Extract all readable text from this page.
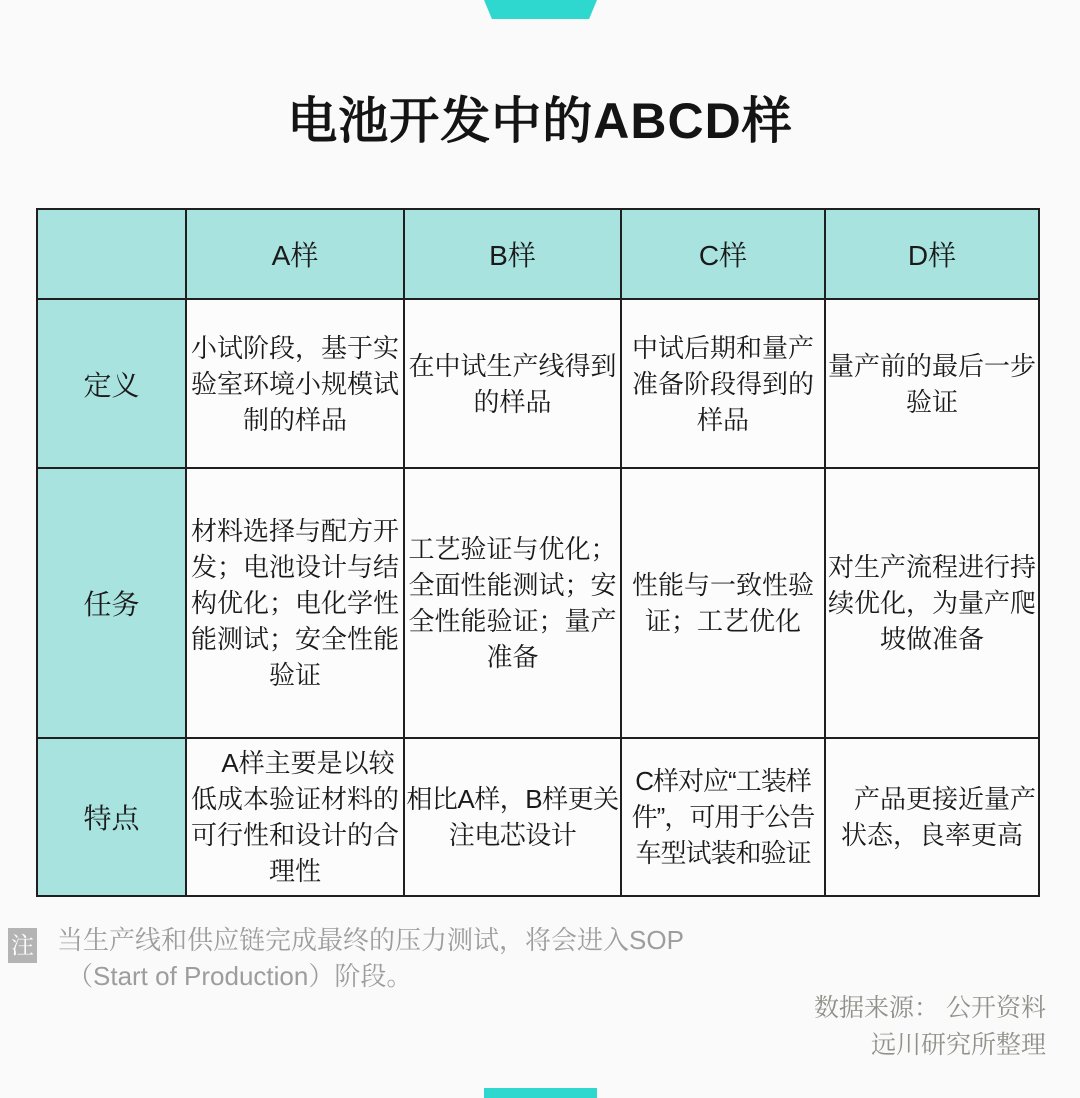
电池开发中的ABCD样
	A样	B样	C样	D样
定义	小试阶段，基于实验室环境小规模试制的样品	在中试生产线得到的样品	中试后期和量产准备阶段得到的样品	量产前的最后一步验证
任务	材料选择与配方开发；电池设计与结构优化；电化学性能测试；安全性能验证	工艺验证与优化；全面性能测试；安全性能验证；量产准备	性能与一致性验证；工艺优化	对生产流程进行持续优化，为量产爬坡做准备
特点	　A样主要是以较低成本验证材料的可行性和设计的合理性	相比A样，B样更关注电芯设计	C样对应“工装样件”，可用于公告车型试装和验证	　产品更接近量产状态，良率更高
注 当生产线和供应链完成最终的压力测试，将会进入SOP
（Start of Production）阶段。
数据来源： 公开资料
远川研究所整理
